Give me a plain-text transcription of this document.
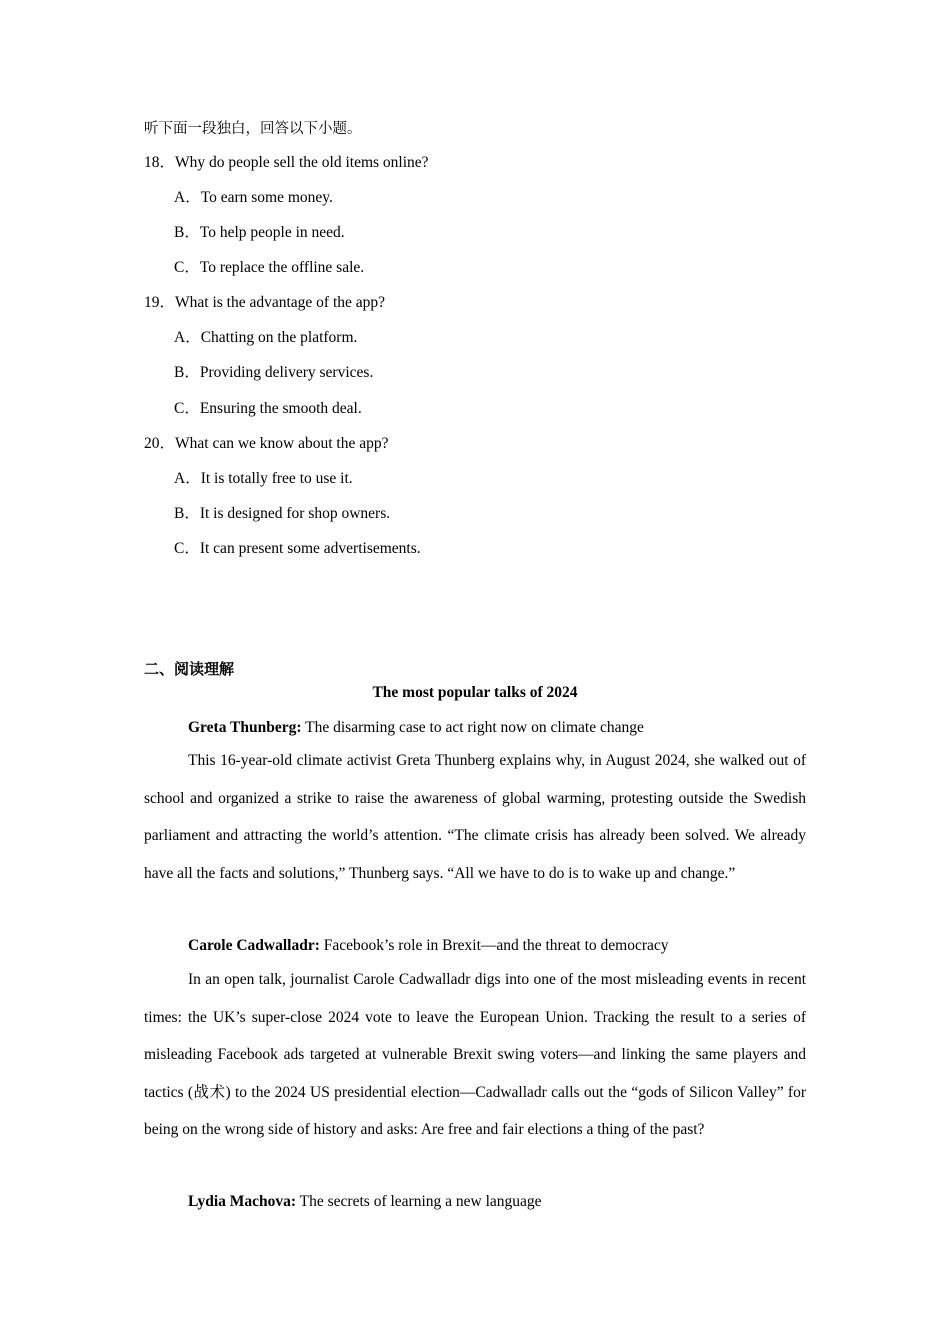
听下面一段独白，回答以下小题。
18．Why do people sell the old items online?
A．To earn some money.
B．To help people in need.
C．To replace the offline sale.
19．What is the advantage of the app?
A．Chatting on the platform.
B．Providing delivery services.
C．Ensuring the smooth deal.
20．What can we know about the app?
A．It is totally free to use it.
B．It is designed for shop owners.
C．It can present some advertisements.
二、阅读理解
The most popular talks of 2024
Greta Thunberg: The disarming case to act right now on climate change

This 16-year-old climate activist Greta Thunberg explains why, in August 2024, she walked out of school and organized a strike to raise the awareness of global warming, protesting outside the Swedish parliament and attracting the world’s attention. “The climate crisis has already been solved. We already have all the facts and solutions,” Thunberg says. “All we have to do is to wake up and change.”

Carole Cadwalladr: Facebook’s role in Brexit—and the threat to democracy

In an open talk, journalist Carole Cadwalladr digs into one of the most misleading events in recent times: the UK’s super-close 2024 vote to leave the European Union. Tracking the result to a series of misleading Facebook ads targeted at vulnerable Brexit swing voters—and linking the same players and tactics (战术) to the 2024 US presidential election—Cadwalladr calls out the “gods of Silicon Valley” for being on the wrong side of history and asks: Are free and fair elections a thing of the past?

Lydia Machova: The secrets of learning a new language
